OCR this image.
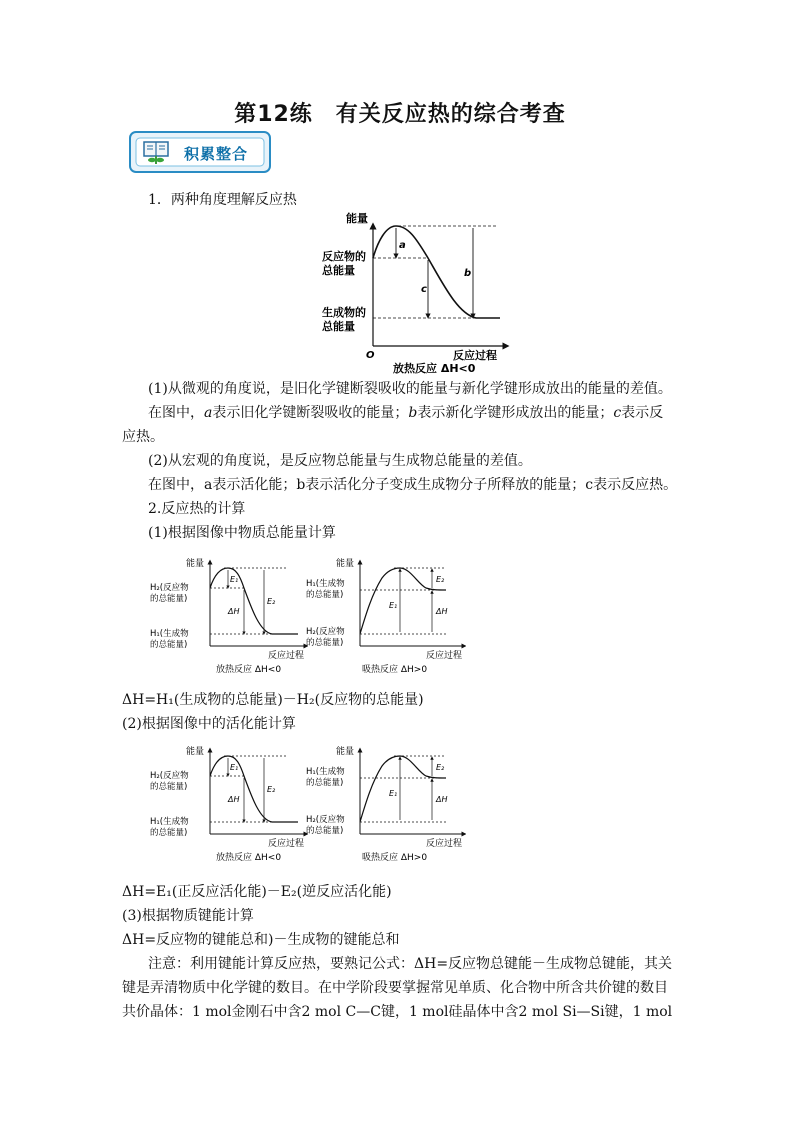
第12练　有关反应热的综合考查
积累整合
1．两种角度理解反应热
能量
O	反应过程
反应物的
总能量
生成物的
总能量
a
c
b
放热反应 ΔH<0
(1)从微观的角度说，是旧化学键断裂吸收的能量与新化学键形成放出的能量的差值。
在图中，a表示旧化学键断裂吸收的能量；b表示新化学键形成放出的能量；c表示反
应热。
(2)从宏观的角度说，是反应物总能量与生成物总能量的差值。
在图中，a表示活化能；b表示活化分子变成生成物分子所释放的能量；c表示反应热。
2.反应热的计算
(1)根据图像中物质总能量计算
能量
反应过程
H₂(反应物
的总能量)
H₁(生成物
的总能量)
E₁
ΔH
E₂
放热反应 ΔH<0
能量
反应过程
H₁(生成物
的总能量)
H₂(反应物
的总能量)
E₁
E₂
ΔH
吸热反应 ΔH>0
ΔH=H₁(生成物的总能量)－H₂(反应物的总能量)
(2)根据图像中的活化能计算
能量
反应过程
H₂(反应物
的总能量)
H₁(生成物
的总能量)
E₁
ΔH
E₂
放热反应 ΔH<0
能量
反应过程
H₁(生成物
的总能量)
H₂(反应物
的总能量)
E₁
E₂
ΔH
吸热反应 ΔH>0
ΔH=E₁(正反应活化能)－E₂(逆反应活化能)
(3)根据物质键能计算
ΔH=反应物的键能总和)－生成物的键能总和
注意：利用键能计算反应热，要熟记公式：ΔH=反应物总键能－生成物总键能，其关
键是弄清物质中化学键的数目。在中学阶段要掌握常见单质、化合物中所含共价键的数目
共价晶体：1 mol金刚石中含2 mol C—C键，1 mol硅晶体中含2 mol Si—Si键，1 mol
